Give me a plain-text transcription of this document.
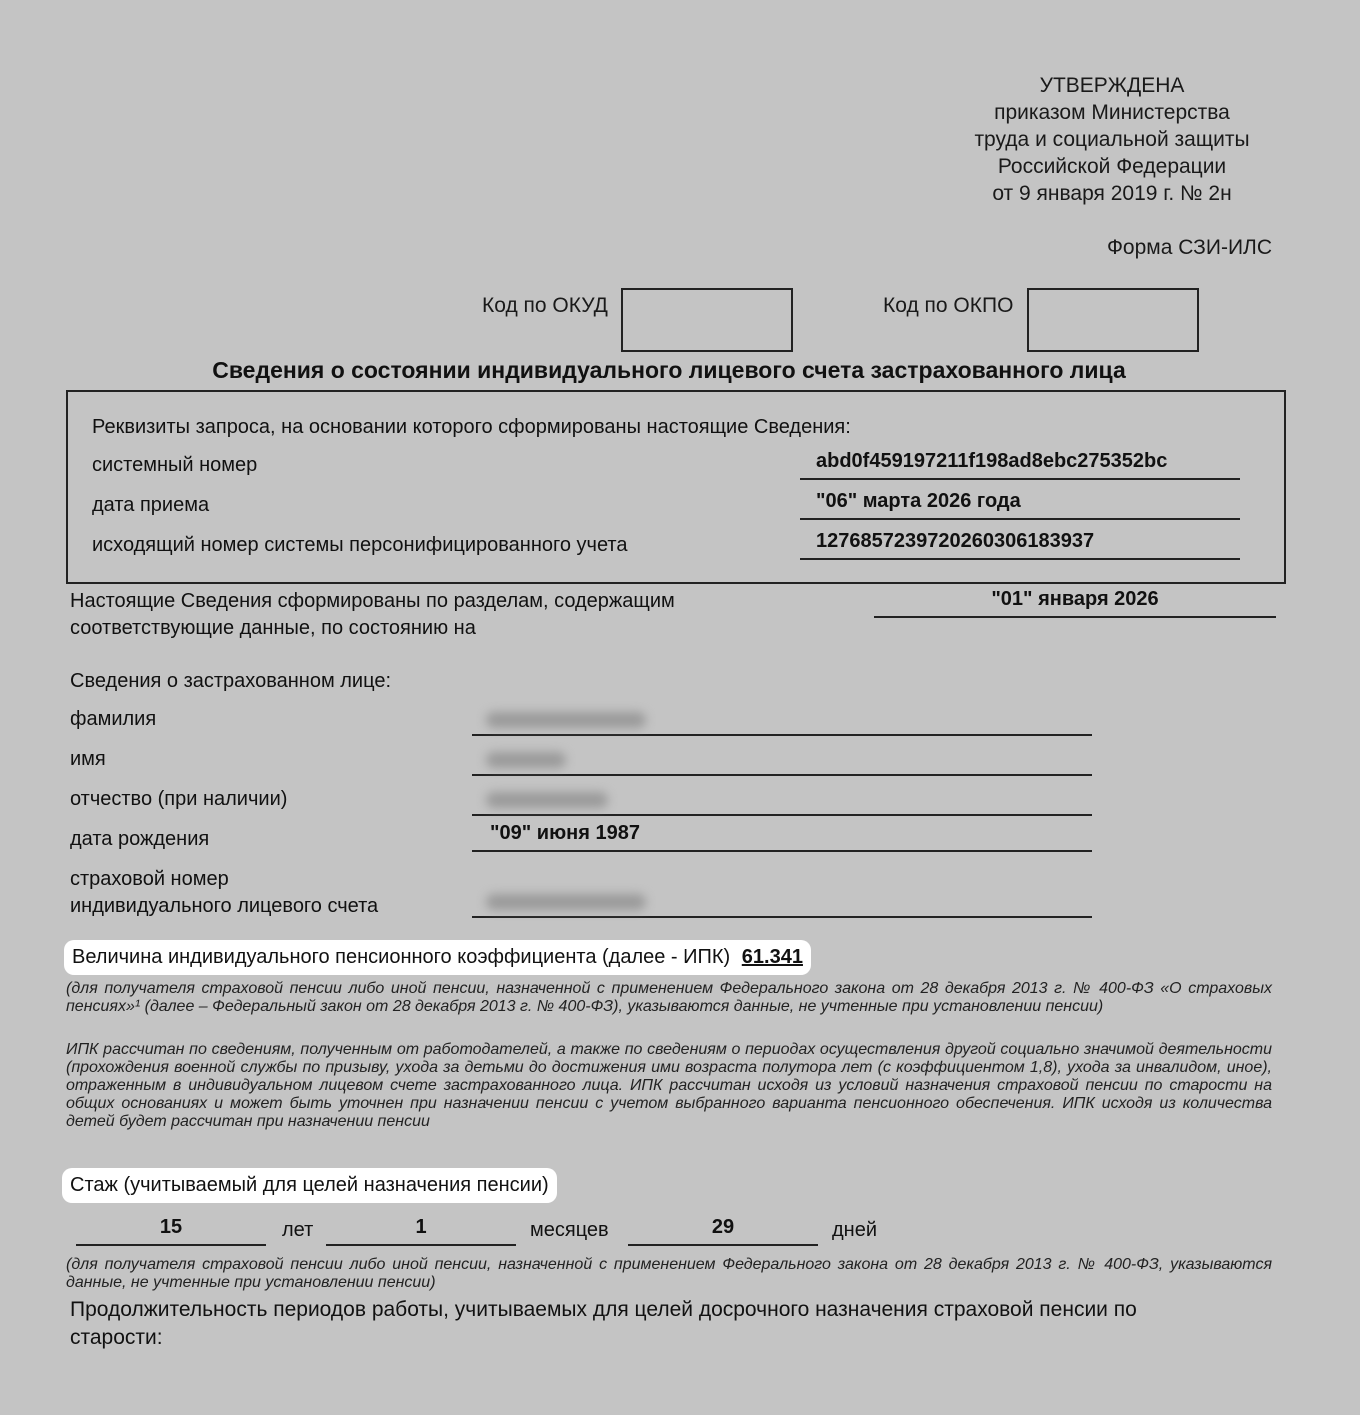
УТВЕРЖДЕНА
приказом Министерства
труда и социальной защиты
Российской Федерации
от 9 января 2019 г. № 2н
Форма СЗИ-ИЛС
Код по ОКУД	Код по ОКПО
Сведения о состоянии индивидуального лицевого счета застрахованного лица
Реквизиты запроса, на основании которого сформированы настоящие Сведения:
системный номер	abd0f459197211f198ad8ebc275352bc
дата приема	"06" марта 2026 года
исходящий номер системы персонифицированного учета	1276857239720260306183937
Настоящие Сведения сформированы по разделам, содержащим
соответствующие данные, по состоянию на
"01" января 2026
Сведения о застрахованном лице:
фамилия
имя
отчество (при наличии)
дата рождения	"09" июня 1987
страховой номер
индивидуального лицевого счета
Величина индивидуального пенсионного коэффициента (далее - ИПК) 61.341
(для получателя страховой пенсии либо иной пенсии, назначенной с применением Федерального закона от 28 декабря 2013 г. № 400-ФЗ «О страховых пенсиях»¹ (далее – Федеральный закон от 28 декабря 2013 г. № 400-ФЗ), указываются данные, не учтенные при установлении пенсии)
ИПК рассчитан по сведениям, полученным от работодателей, а также по сведениям о периодах осуществления другой социально значимой деятельности (прохождения военной службы по призыву, ухода за детьми до достижения ими возраста полутора лет (с коэффициентом 1,8), ухода за инвалидом, иное), отраженным в индивидуальном лицевом счете застрахованного лица. ИПК рассчитан исходя из условий назначения страховой пенсии по старости на общих основаниях и может быть уточнен при назначении пенсии с учетом выбранного варианта пенсионного обеспечения. ИПК исходя из количества детей будет рассчитан при назначении пенсии
Стаж (учитываемый для целей назначения пенсии)
15	лет	1	месяцев	29	дней
(для получателя страховой пенсии либо иной пенсии, назначенной с применением Федерального закона от 28 декабря 2013 г. № 400-ФЗ, указываются данные, не учтенные при установлении пенсии)
Продолжительность периодов работы, учитываемых для целей досрочного назначения страховой пенсии по старости:
